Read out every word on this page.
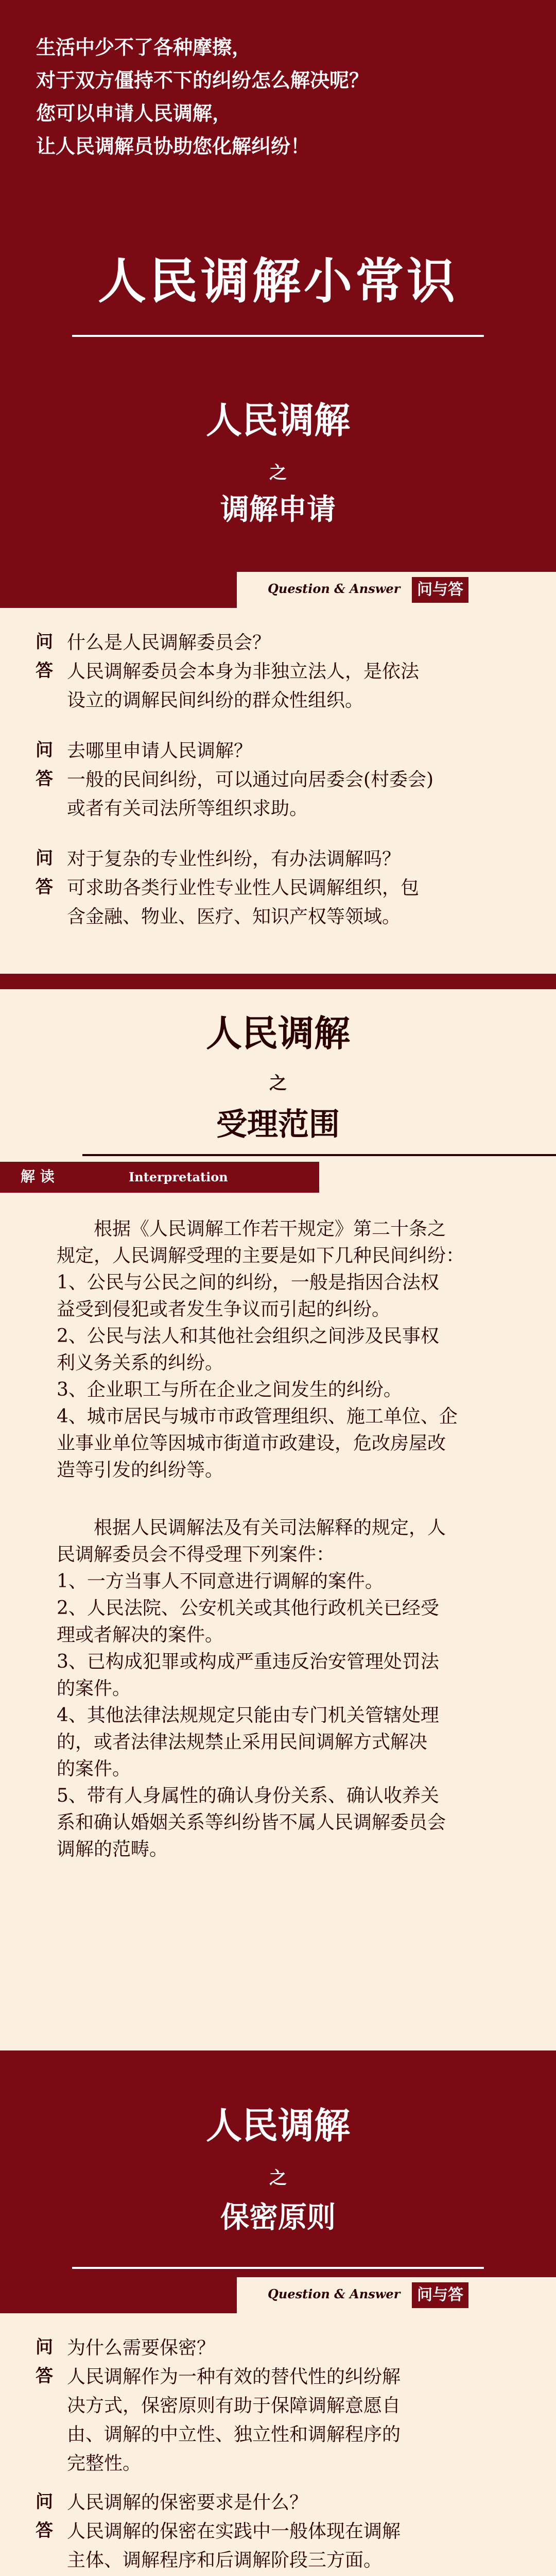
生活中少不了各种摩擦，
对于双方僵持不下的纠纷怎么解决呢？
您可以申请人民调解，
让人民调解员协助您化解纠纷！
人民调解小常识
人民调解
之
调解申请
Question & Answer	问与答
问 什么是人民调解委员会？
答 人民调解委员会本身为非独立法人，是依法
设立的调解民间纠纷的群众性组织。
问 去哪里申请人民调解？
答 一般的民间纠纷，可以通过向居委会(村委会)
或者有关司法所等组织求助。
问 对于复杂的专业性纠纷，有办法调解吗？
答 可求助各类行业性专业性人民调解组织，包
含金融、物业、医疗、知识产权等领域。
人民调解
之
受理范围
解 读	Interpretation
根据《人民调解工作若干规定》第二十条之
规定，人民调解受理的主要是如下几种民间纠纷：
1、公民与公民之间的纠纷，一般是指因合法权
益受到侵犯或者发生争议而引起的纠纷。
2、公民与法人和其他社会组织之间涉及民事权
利义务关系的纠纷。
3、企业职工与所在企业之间发生的纠纷。
4、城市居民与城市市政管理组织、施工单位、企
业事业单位等因城市街道市政建设，危改房屋改
造等引发的纠纷等。
根据人民调解法及有关司法解释的规定，人
民调解委员会不得受理下列案件：
1、一方当事人不同意进行调解的案件。
2、人民法院、公安机关或其他行政机关已经受
理或者解决的案件。
3、已构成犯罪或构成严重违反治安管理处罚法
的案件。
4、其他法律法规规定只能由专门机关管辖处理
的，或者法律法规禁止采用民间调解方式解决
的案件。
5、带有人身属性的确认身份关系、确认收养关
系和确认婚姻关系等纠纷皆不属人民调解委员会
调解的范畴。
人民调解
之
保密原则
Question & Answer	问与答
问 为什么需要保密？
答 人民调解作为一种有效的替代性的纠纷解
决方式，保密原则有助于保障调解意愿自
由、调解的中立性、独立性和调解程序的
完整性。
问 人民调解的保密要求是什么？
答 人民调解的保密在实践中一般体现在调解
主体、调解程序和后调解阶段三方面。
